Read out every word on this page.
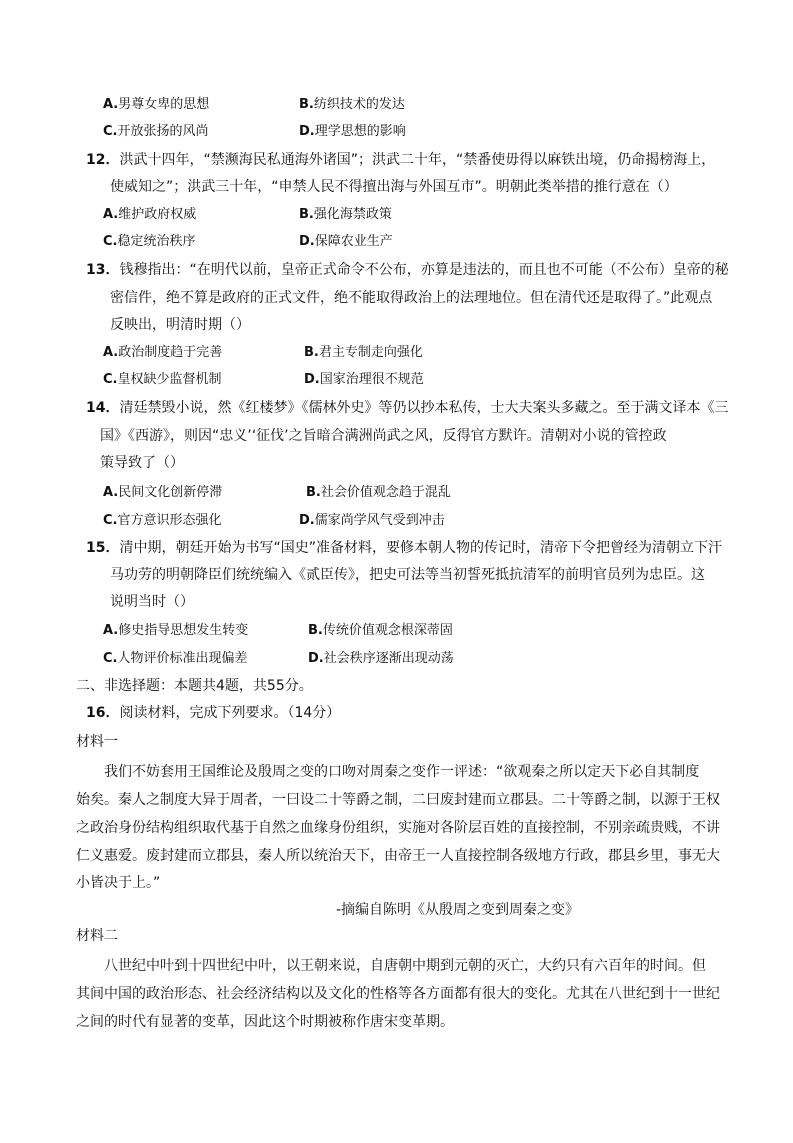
A.男尊女卑的思想	B.纺织技术的发达
C.开放张扬的风尚	D.理学思想的影响
12．洪武十四年，“禁濒海民私通海外诸国”；洪武二十年，“禁番使毋得以麻铁出境，仍命揭榜海上，
使威知之”；洪武三十年，“申禁人民不得擅出海与外国互市”。明朝此类举措的推行意在（）
A.维护政府权威	B.强化海禁政策
C.稳定统治秩序	D.保障农业生产
13．钱穆指出：“在明代以前，皇帝正式命令不公布，亦算是违法的，而且也不可能（不公布）皇帝的秘
密信件，绝不算是政府的正式文件，绝不能取得政治上的法理地位。但在清代还是取得了。”此观点
反映出，明清时期（）
A.政治制度趋于完善	B.君主专制走向强化
C.皇权缺少监督机制	D.国家治理很不规范
14．清廷禁毁小说，然《红楼梦》《儒林外史》等仍以抄本私传，士大夫案头多藏之。至于满文译本《三
国》《西游》，则因“忠义’‘征伐’之旨暗合满洲尚武之风，反得官方默许。清朝对小说的管控政
策导致了（）
A.民间文化创新停滞	B.社会价值观念趋于混乱
C.官方意识形态强化	D.儒家尚学风气受到冲击
15．清中期，朝廷开始为书写“国史”准备材料，要修本朝人物的传记时，清帝下令把曾经为清朝立下汗
马功劳的明朝降臣们统统编入《贰臣传》，把史可法等当初誓死抵抗清军的前明官员列为忠臣。这
说明当时（）
A.修史指导思想发生转变	B.传统价值观念根深蒂固
C.人物评价标准出现偏差	D.社会秩序逐渐出现动荡
二、非选择题：本题共4题，共55分。
16．阅读材料，完成下列要求。（14分）
材料一
我们不妨套用王国维论及殷周之变的口吻对周秦之变作一评述：“欲观秦之所以定天下必自其制度
始矣。秦人之制度大异于周者，一曰设二十等爵之制，二曰废封建而立郡县。二十等爵之制，以源于王权
之政治身份结构组织取代基于自然之血缘身份组织，实施对各阶层百姓的直接控制，不别亲疏贵贱，不讲
仁义惠爱。废封建而立郡县，秦人所以统治天下，由帝王一人直接控制各级地方行政，郡县乡里，事无大
小皆决于上。”
-摘编自陈明《从殷周之变到周秦之变》
材料二
八世纪中叶到十四世纪中叶，以王朝来说，自唐朝中期到元朝的灭亡，大约只有六百年的时间。但
其间中国的政治形态、社会经济结构以及文化的性格等各方面都有很大的变化。尤其在八世纪到十一世纪
之间的时代有显著的变革，因此这个时期被称作唐宋变革期。
